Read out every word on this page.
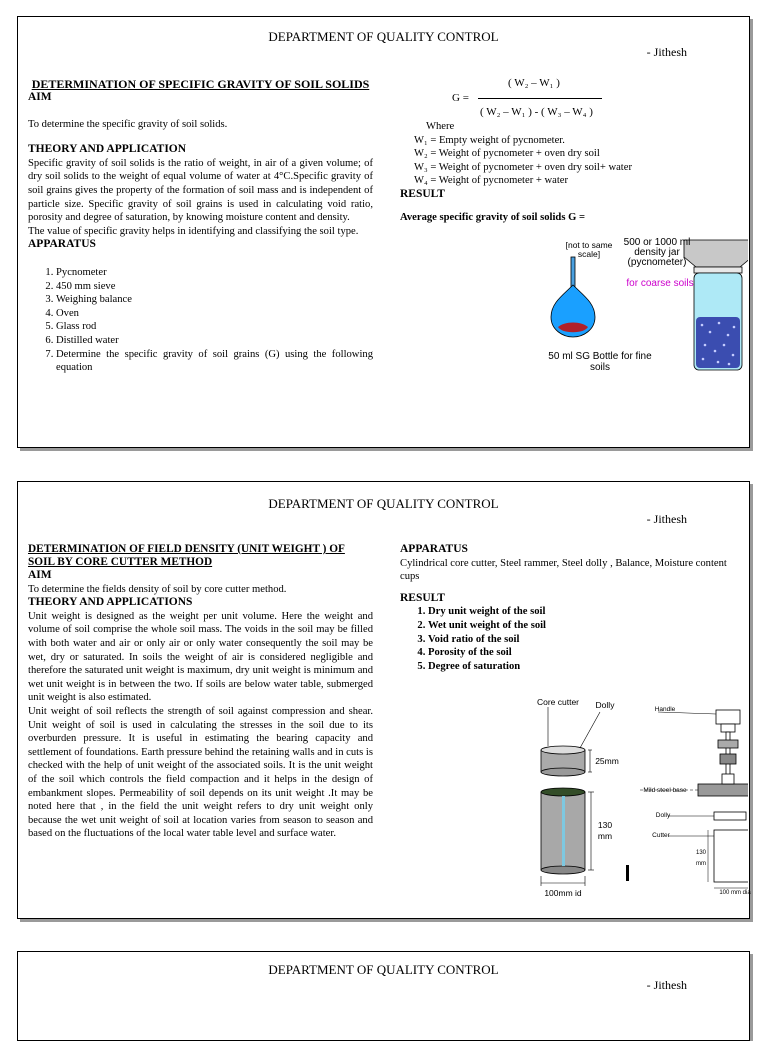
DEPARTMENT OF QUALITY CONTROL
- Jithesh
DETERMINATION OF SPECIFIC GRAVITY OF SOIL SOLIDS
AIM

To determine the specific gravity of soil solids.

THEORY AND APPLICATION

Specific gravity of soil solids is the ratio of weight, in air of a given volume; of dry soil solids to the weight of equal volume of water at 4°C.Specific gravity of soil grains gives the property of the formation of soil mass and is independent of particle size. Specific gravity of soil grains is used in calculating void ratio, porosity and degree of saturation, by knowing moisture content and density.

The value of specific gravity helps in identifying and classifying the soil type.

APPARATUS
1. Pycnometer
2. 450 mm sieve
3. Weighing balance
4. Oven
5. Glass rod
6. Distilled water
7. Determine the specific gravity of soil grains (G) using the following equation
G =
( W₂ – W₁ )
( W₂ – W₁ ) - ( W₃ – W₄ )

Where

W₁ = Empty weight of pycnometer.

W₂ = Weight of pycnometer + oven dry soil

W₃ = Weight of pycnometer + oven dry soil+ water

W₄ = Weight of pycnometer + water

RESULT

Average specific gravity of soil solids G =

[not to same scale]
500 or 1000 ml density jar (pycnometer)
for coarse soils
50 ml SG Bottle for fine soils
DEPARTMENT OF QUALITY CONTROL
- Jithesh
DETERMINATION OF FIELD DENSITY (UNIT WEIGHT ) OF SOIL BY CORE CUTTER METHOD
AIM

To determine the fields density of soil by core cutter method.

THEORY AND APPLICATIONS

Unit weight is designed as the weight per unit volume. Here the weight and volume of soil comprise the whole soil mass. The voids in the soil may be filled with both water and air or only air or only water consequently the soil may be wet, dry or saturated. In soils the weight of air is considered negligible and therefore the saturated unit weight is maximum, dry unit weight is minimum and wet unit weight is in between the two. If soils are below water table, submerged unit weight is also estimated.

Unit weight of soil reflects the strength of soil against compression and shear. Unit weight of soil is used in calculating the stresses in the soil due to its overburden pressure. It is useful in estimating the bearing capacity and settlement of foundations. Earth pressure behind the retaining walls and in cuts is checked with the help of unit weight of the associated soils. It is the unit weight of the soil which controls the field compaction and it helps in the design of embankment slopes. Permeability of soil depends on its unit weight .It may be noted here that , in the field the unit weight refers to dry unit weight only because the wet unit weight of soil at location varies from season to season and based on the fluctuations of the local water table level and surface water.

APPARATUS

Cylindrical core cutter, Steel rammer, Steel dolly , Balance, Moisture content cups

RESULT
1. Dry unit weight of the soil
2. Wet unit weight of the soil
3. Void ratio of the soil
4. Porosity of the soil
5. Degree of saturation
Core cutter	Dolly
25mm
130 mm
100mm id
Handle
Mild steel base
Dolly
Cutter
130 mm
100 mm dia
DEPARTMENT OF QUALITY CONTROL
- Jithesh
